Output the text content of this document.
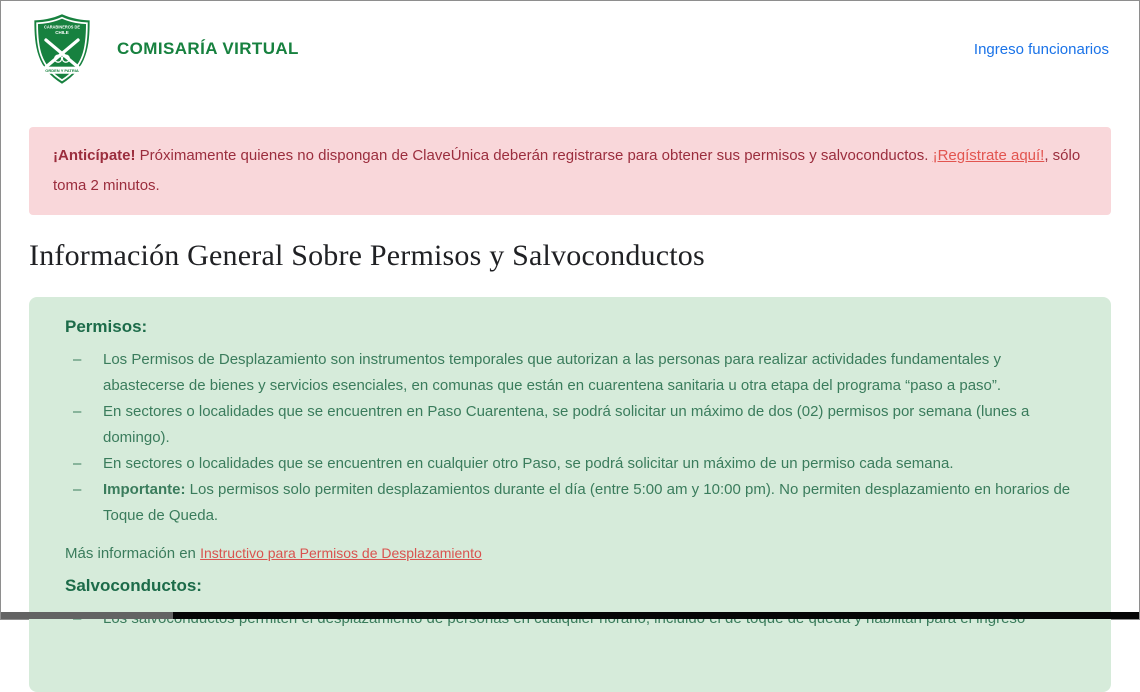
CARABINEROS DE
CHILE
ORDEN Y PATRIA
COMISARÍA VIRTUAL	Ingreso funcionarios
¡Anticípate! Próximamente quienes no dispongan de ClaveÚnica deberán registrarse para obtener sus permisos y salvoconductos. ¡Regístrate aquí!, sólo toma 2 minutos.
Información General Sobre Permisos y Salvoconductos
Permisos:
–	Los Permisos de Desplazamiento son instrumentos temporales que autorizan a las personas para realizar actividades fundamentales y abastecerse de bienes y servicios esenciales, en comunas que están en cuarentena sanitaria u otra etapa del programa “paso a paso”.

–	En sectores o localidades que se encuentren en Paso Cuarentena, se podrá solicitar un máximo de dos (02) permisos por semana (lunes a domingo).

–	En sectores o localidades que se encuentren en cualquier otro Paso, se podrá solicitar un máximo de un permiso cada semana.

–	Importante: Los permisos solo permiten desplazamientos durante el día (entre 5:00 am y 10:00 pm). No permiten desplazamiento en horarios de Toque de Queda.

Más información en Instructivo para Permisos de Desplazamiento

Salvoconductos:
